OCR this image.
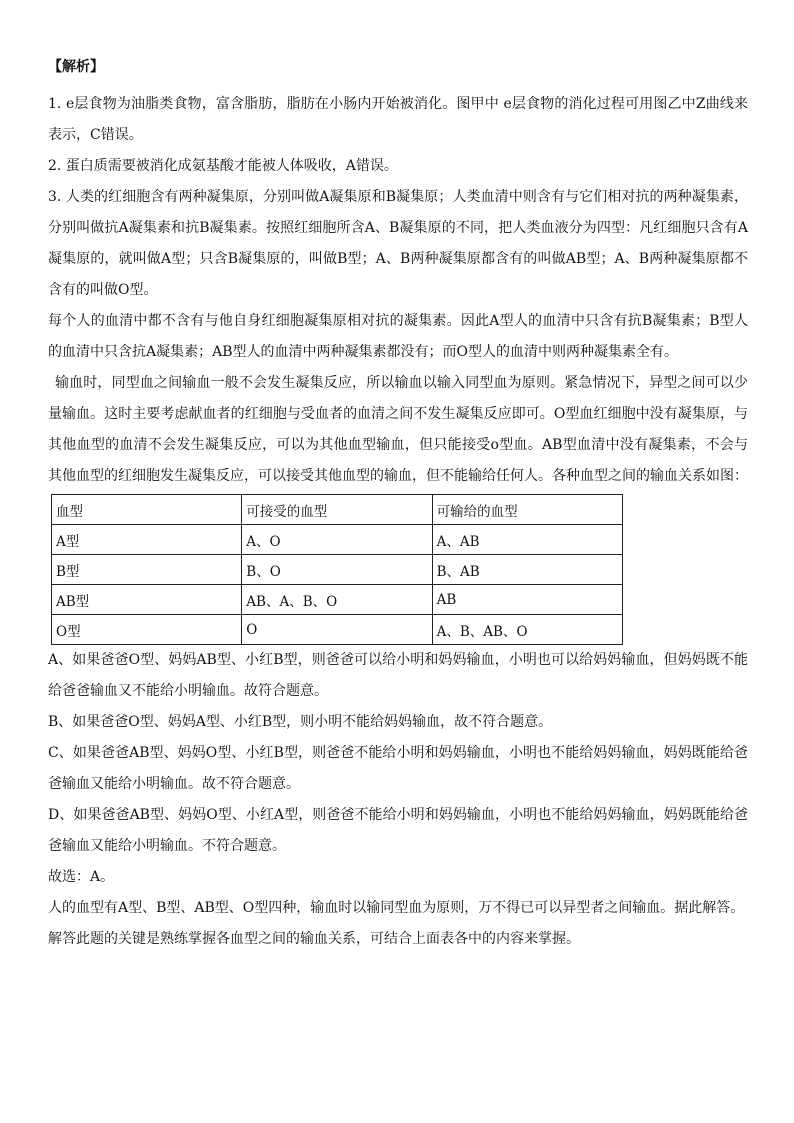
【解析】

1. e层食物为油脂类食物，富含脂肪，脂肪在小肠内开始被消化。图甲中 e层食物的消化过程可用图乙中Z曲线来表示，C错误。

2. 蛋白质需要被消化成氨基酸才能被人体吸收，A错误。

3. 人类的红细胞含有两种凝集原，分别叫做A凝集原和B凝集原；人类血清中则含有与它们相对抗的两种凝集素，分别叫做抗A凝集素和抗B凝集素。按照红细胞所含A、B凝集原的不同，把人类血液分为四型：凡红细胞只含有A凝集原的，就叫做A型；只含B凝集原的，叫做B型；A、B两种凝集原都含有的叫做AB型；A、B两种凝集原都不含有的叫做O型。

每个人的血清中都不含有与他自身红细胞凝集原相对抗的凝集素。因此A型人的血清中只含有抗B凝集素；B型人的血清中只含抗A凝集素；AB型人的血清中两种凝集素都没有；而O型人的血清中则两种凝集素全有。

输血时，同型血之间输血一般不会发生凝集反应，所以输血以输入同型血为原则。紧急情况下，异型之间可以少量输血。这时主要考虑献血者的红细胞与受血者的血清之间不发生凝集反应即可。O型血红细胞中没有凝集原，与其他血型的血清不会发生凝集反应，可以为其他血型输血，但只能接受o型血。AB型血清中没有凝集素，不会与其他血型的红细胞发生凝集反应，可以接受其他血型的输血，但不能输给任何人。各种血型之间的输血关系如图：

血型	可接受的血型	可输给的血型
A型	A、O	A、AB
B型	B、O	B、AB
AB型	AB、A、B、O	AB
O型	O	A、B、AB、O

A、如果爸爸O型、妈妈AB型、小红B型，则爸爸可以给小明和妈妈输血，小明也可以给妈妈输血，但妈妈既不能给爸爸输血又不能给小明输血。故符合题意。

B、如果爸爸O型、妈妈A型、小红B型，则小明不能给妈妈输血，故不符合题意。

C、如果爸爸AB型、妈妈O型、小红B型，则爸爸不能给小明和妈妈输血，小明也不能给妈妈输血，妈妈既能给爸爸输血又能给小明输血。故不符合题意。

D、如果爸爸AB型、妈妈O型、小红A型，则爸爸不能给小明和妈妈输血，小明也不能给妈妈输血，妈妈既能给爸爸输血又能给小明输血。不符合题意。

故选：A。

人的血型有A型、B型、AB型、O型四种，输血时以输同型血为原则，万不得已可以异型者之间输血。据此解答。

解答此题的关键是熟练掌握各血型之间的输血关系，可结合上面表各中的内容来掌握。
